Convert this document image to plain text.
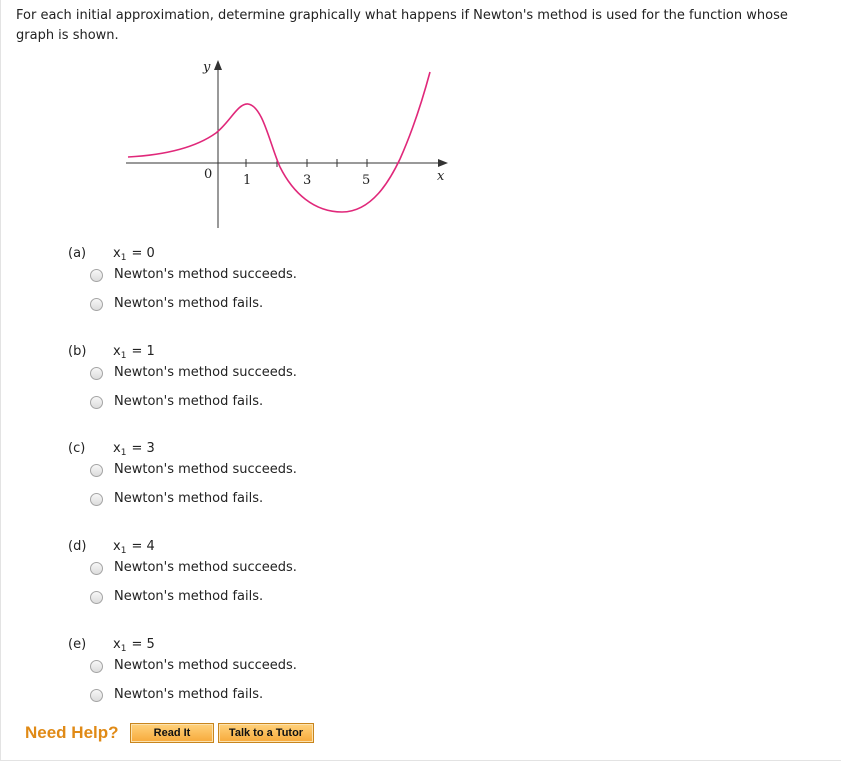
For each initial approximation, determine graphically what happens if Newton's method is used for the function whose graph is shown.
y
x
0 1	3	5
(a)	$x_1 = 0$
Newton's method succeeds.
Newton's method fails.
(b)	$x_1 = 1$
Newton's method succeeds.
Newton's method fails.
(c)	$x_1 = 3$
Newton's method succeeds.
Newton's method fails.
(d)	$x_1 = 4$
Newton's method succeeds.
Newton's method fails.
(e)	$x_1 = 5$
Newton's method succeeds.
Newton's method fails.
Need Help?	Read It	Talk to a Tutor
